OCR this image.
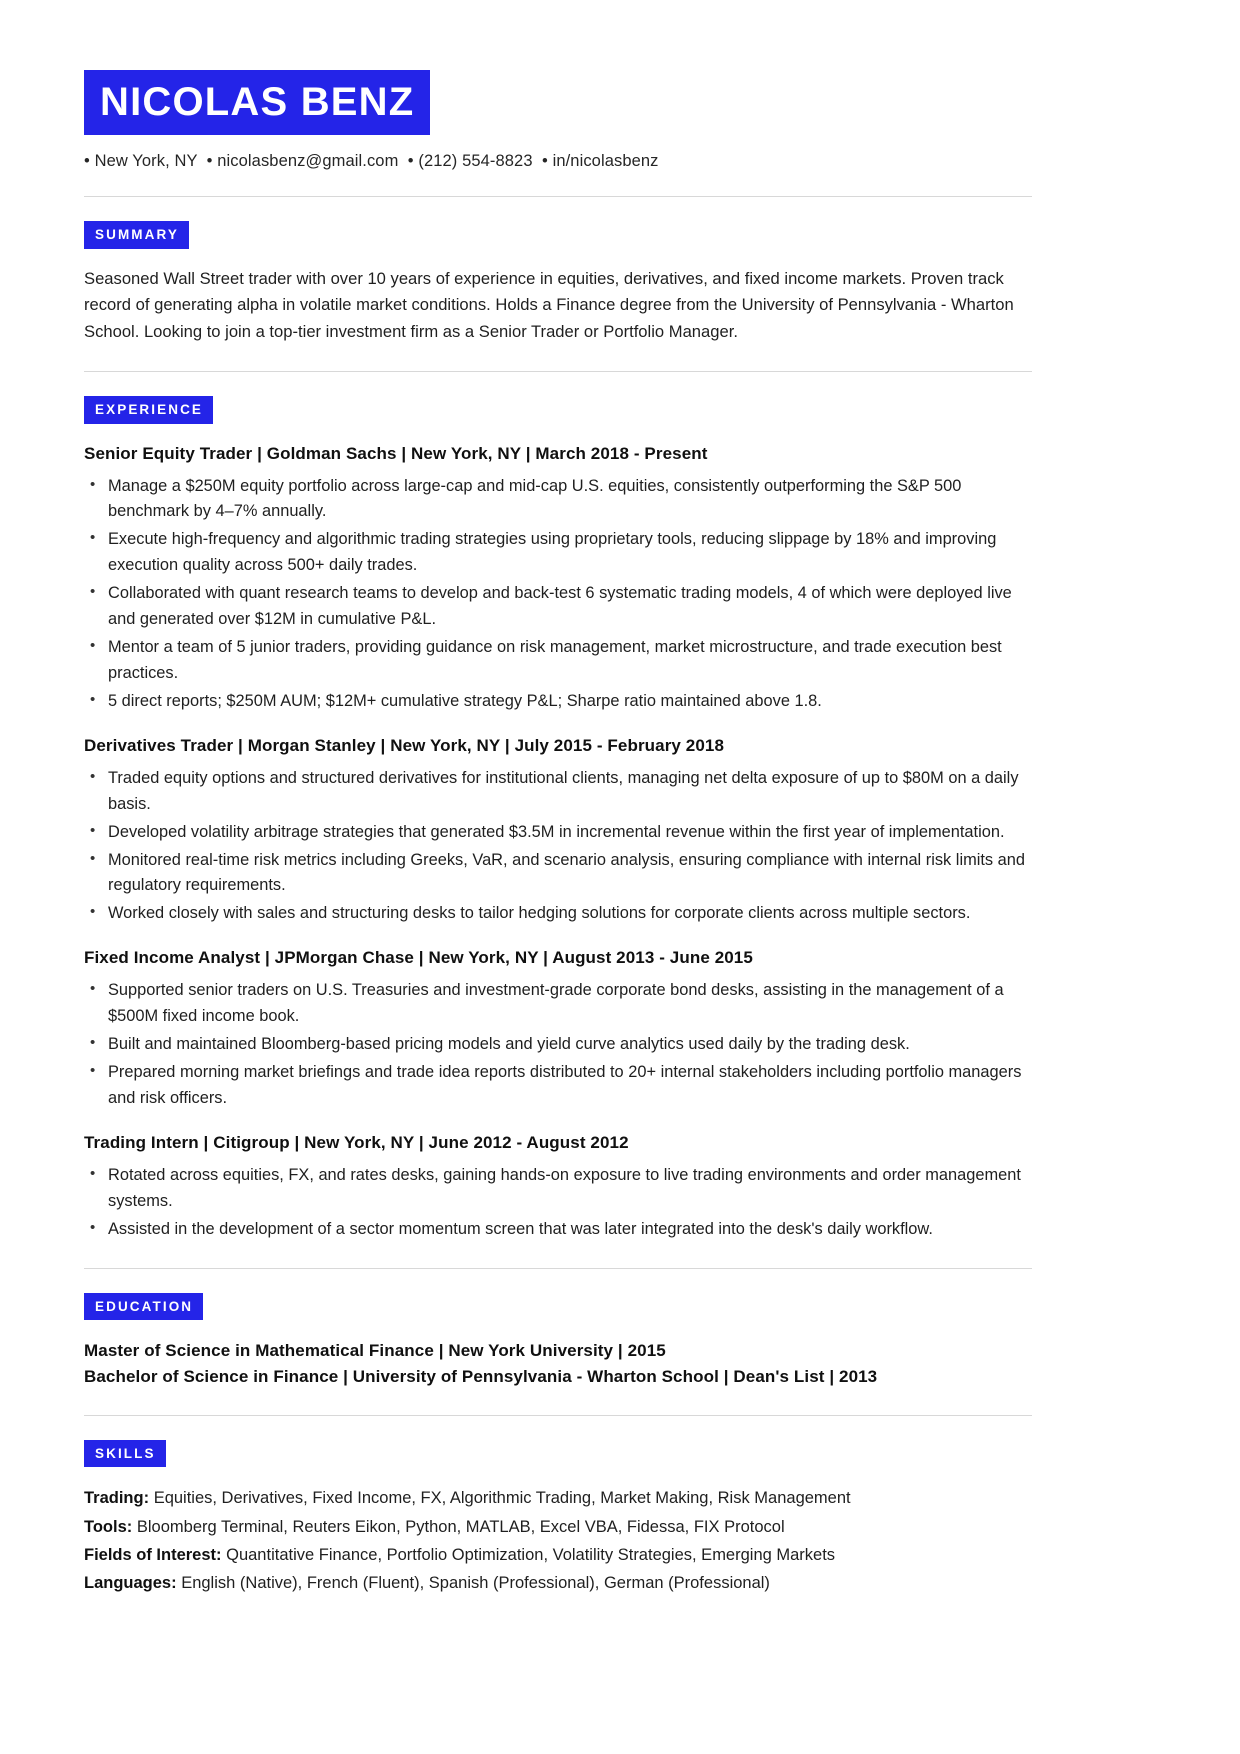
NICOLAS BENZ
• New York, NY • nicolasbenz@gmail.com • (212) 554-8823 • in/nicolasbenz
SUMMARY

Seasoned Wall Street trader with over 10 years of experience in equities, derivatives, and fixed income markets. Proven track record of generating alpha in volatile market conditions. Holds a Finance degree from the University of Pennsylvania - Wharton School. Looking to join a top-tier investment firm as a Senior Trader or Portfolio Manager.

EXPERIENCE
Senior Equity Trader | Goldman Sachs | New York, NY | March 2018 - Present
• Manage a $250M equity portfolio across large-cap and mid-cap U.S. equities, consistently outperforming the S&P 500 benchmark by 4–7% annually.
• Execute high-frequency and algorithmic trading strategies using proprietary tools, reducing slippage by 18% and improving execution quality across 500+ daily trades.
• Collaborated with quant research teams to develop and back-test 6 systematic trading models, 4 of which were deployed live and generated over $12M in cumulative P&L.
• Mentor a team of 5 junior traders, providing guidance on risk management, market microstructure, and trade execution best practices.
• 5 direct reports; $250M AUM; $12M+ cumulative strategy P&L; Sharpe ratio maintained above 1.8.
Derivatives Trader | Morgan Stanley | New York, NY | July 2015 - February 2018
• Traded equity options and structured derivatives for institutional clients, managing net delta exposure of up to $80M on a daily basis.
• Developed volatility arbitrage strategies that generated $3.5M in incremental revenue within the first year of implementation.
• Monitored real-time risk metrics including Greeks, VaR, and scenario analysis, ensuring compliance with internal risk limits and regulatory requirements.
• Worked closely with sales and structuring desks to tailor hedging solutions for corporate clients across multiple sectors.
Fixed Income Analyst | JPMorgan Chase | New York, NY | August 2013 - June 2015
• Supported senior traders on U.S. Treasuries and investment-grade corporate bond desks, assisting in the management of a $500M fixed income book.
• Built and maintained Bloomberg-based pricing models and yield curve analytics used daily by the trading desk.
• Prepared morning market briefings and trade idea reports distributed to 20+ internal stakeholders including portfolio managers and risk officers.
Trading Intern | Citigroup | New York, NY | June 2012 - August 2012
• Rotated across equities, FX, and rates desks, gaining hands-on exposure to live trading environments and order management systems.
• Assisted in the development of a sector momentum screen that was later integrated into the desk's daily workflow.
EDUCATION
Master of Science in Mathematical Finance | New York University | 2015
Bachelor of Science in Finance | University of Pennsylvania - Wharton School | Dean's List | 2013
SKILLS
Trading: Equities, Derivatives, Fixed Income, FX, Algorithmic Trading, Market Making, Risk Management
Tools: Bloomberg Terminal, Reuters Eikon, Python, MATLAB, Excel VBA, Fidessa, FIX Protocol
Fields of Interest: Quantitative Finance, Portfolio Optimization, Volatility Strategies, Emerging Markets
Languages: English (Native), French (Fluent), Spanish (Professional), German (Professional)
